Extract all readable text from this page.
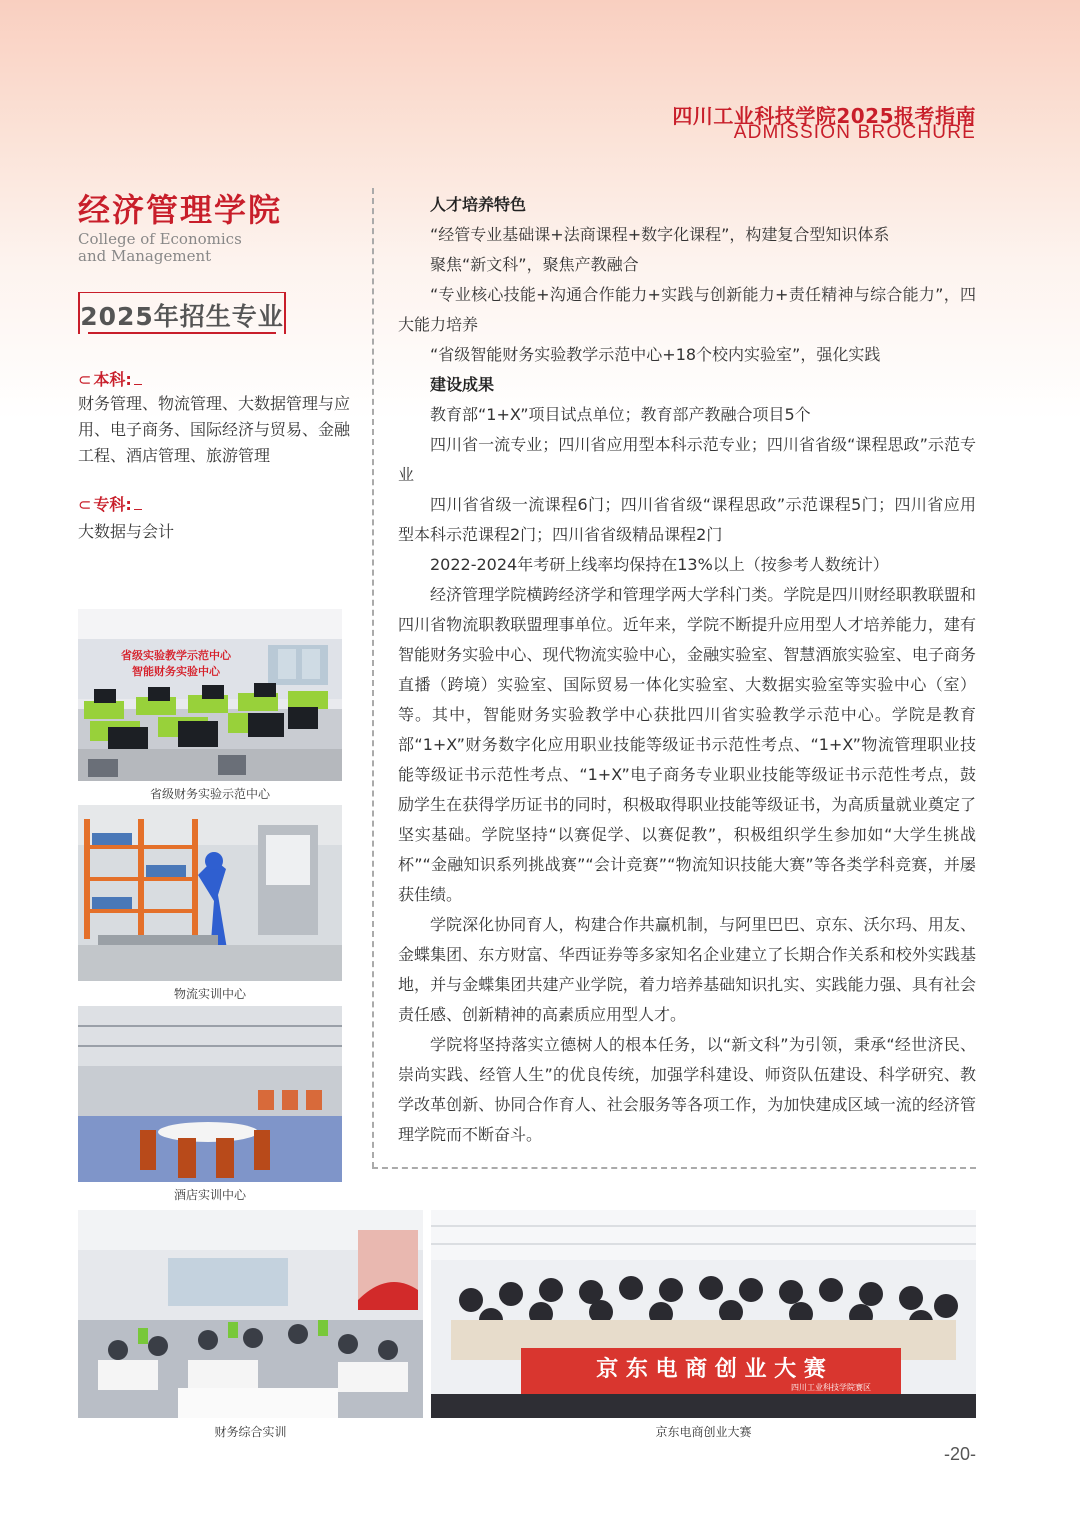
四川工业科技学院2025报考指南
ADMISSION BROCHURE
经济管理学院
College of Economics
and Management
2025年招生专业
⊂ 本科:
财务管理、物流管理、大数据管理与应用、电子商务、国际经济与贸易、金融工程、酒店管理、旅游管理
⊂ 专科:
大数据与会计

人才培养特色

“经管专业基础课+法商课程+数字化课程”，构建复合型知识体系

聚焦“新文科”，聚焦产教融合

“专业核心技能+沟通合作能力+实践与创新能力+责任精神与综合能力”，四大能力培养

“省级智能财务实验教学示范中心+18个校内实验室”，强化实践

建设成果

教育部“1+X”项目试点单位；教育部产教融合项目5个

四川省一流专业；四川省应用型本科示范专业；四川省省级“课程思政”示范专业

四川省省级一流课程6门；四川省省级“课程思政”示范课程5门；四川省应用型本科示范课程2门；四川省省级精品课程2门

2022-2024年考研上线率均保持在13%以上（按参考人数统计）

经济管理学院横跨经济学和管理学两大学科门类。学院是四川财经职教联盟和四川省物流职教联盟理事单位。近年来，学院不断提升应用型人才培养能力，建有智能财务实验中心、现代物流实验中心，金融实验室、智慧酒旅实验室、电子商务直播（跨境）实验室、国际贸易一体化实验室、大数据实验室等实验中心（室）等。其中，智能财务实验教学中心获批四川省实验教学示范中心。学院是教育部“1+X”财务数字化应用职业技能等级证书示范性考点、“1+X”物流管理职业技能等级证书示范性考点、“1+X”电子商务专业职业技能等级证书示范性考点，鼓励学生在获得学历证书的同时，积极取得职业技能等级证书，为高质量就业奠定了坚实基础。学院坚持“以赛促学、以赛促教”，积极组织学生参加如“大学生挑战杯”“金融知识系列挑战赛”“会计竞赛”“物流知识技能大赛”等各类学科竞赛，并屡获佳绩。

学院深化协同育人，构建合作共赢机制，与阿里巴巴、京东、沃尔玛、用友、金蝶集团、东方财富、华西证券等多家知名企业建立了长期合作关系和校外实践基地，并与金蝶集团共建产业学院，着力培养基础知识扎实、实践能力强、具有社会责任感、创新精神的高素质应用型人才。

学院将坚持落实立德树人的根本任务，以“新文科”为引领，秉承“经世济民、崇尚实践、经管人生”的优良传统，加强学科建设、师资队伍建设、科学研究、教学改革创新、协同合作育人、社会服务等各项工作，为加快建成区域一流的经济管理学院而不断奋斗。

省级实验教学示范中心
智能财务实验中心
省级财务实验示范中心
物流实训中心
酒店实训中心
财务综合实训
京 东 电 商 创 业 大 赛
四川工业科技学院赛区
京东电商创业大赛
-20-
